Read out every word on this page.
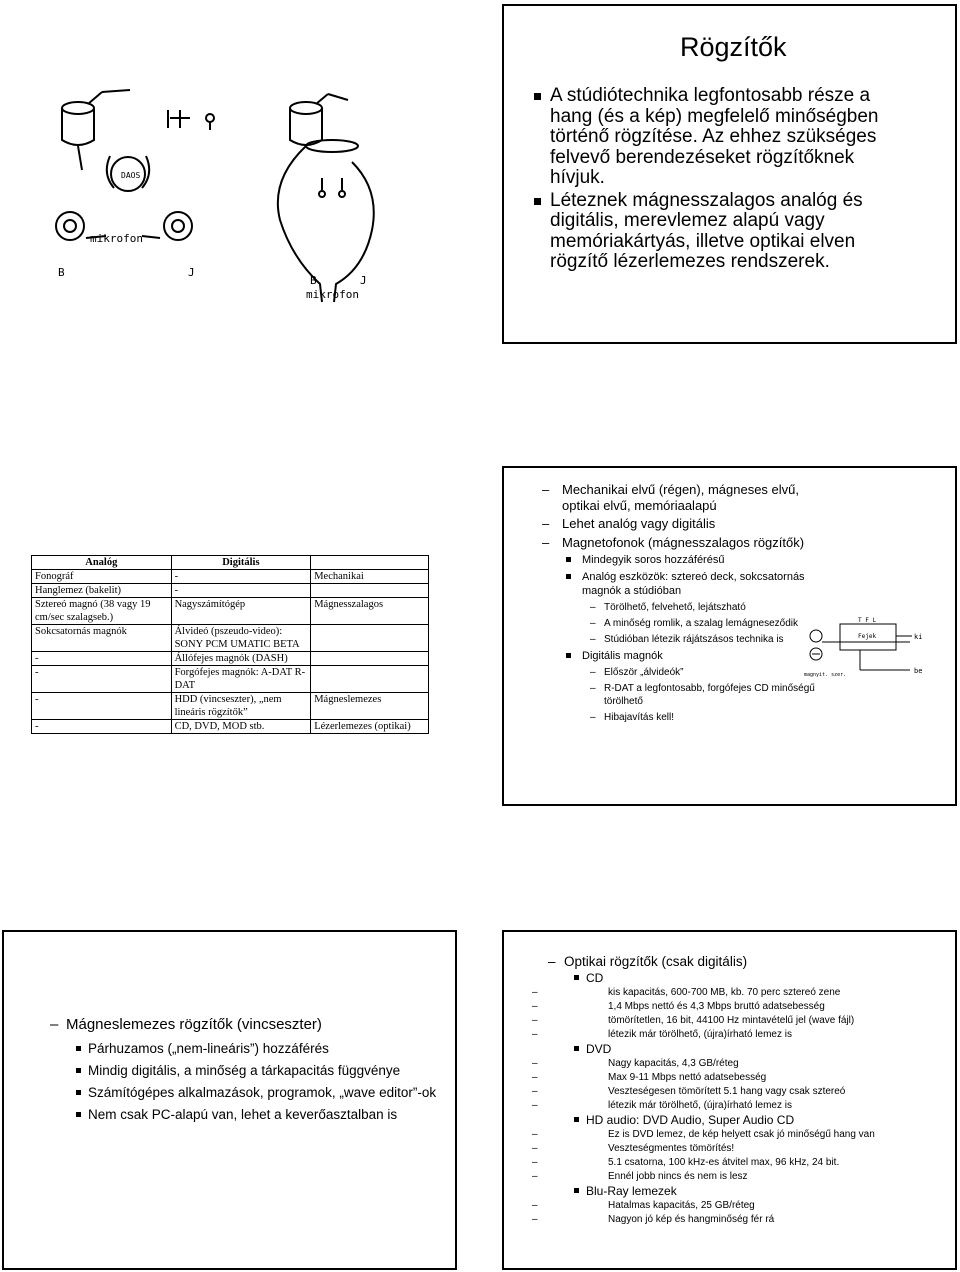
Rögzítők
A stúdiótechnika legfontosabb része a hang (és a kép) megfelelő minőségben történő rögzítése. Az ehhez szükséges felvevő berendezéseket rögzítőknek hívjuk.
Léteznek mágnesszalagos analóg és digitális, merevlemez alapú vagy memóriakártyás, illetve optikai elven rögzítő lézerlemezes rendszerek.
DAOS
mikrofon
B	J
B	J
mikrofon
– Mechanikai elvű (régen), mágneses elvű, optikai elvű, memóriaalapú
– Lehet analóg vagy digitális
– Magnetofonok (mágnesszalagos rögzítők)
Mindegyik soros hozzáférésű
Analóg eszközök: sztereó deck, sokcsatornás magnók a stúdióban
– Törölhető, felvehető, lejátszható
– A minőség romlik, a szalag lemágneseződik
– Stúdióban létezik rájátszásos technika is
Digitális magnók
– Először „álvideók”
– R-DAT a legfontosabb, forgófejes CD minőségű törölhető
– Hibajavítás kell!
T F L
Fejek	ki
be
magnyit. szer.
Analóg	Digitális	
Fonográf	-	Mechanikai
Hanglemez (bakelit)	-	
Sztereó magnó (38 vagy 19 cm/sec szalagseb.)	Nagyszámítógép	Mágnesszalagos
Sokcsatornás magnók	Álvideó (pszeudo-video): SONY PCM UMATIC BETA	
-	Állófejes magnók (DASH)	
-	Forgófejes magnók: A-DAT R-DAT	
-	HDD (vincseszter), „nem lineáris rögzítők”	Mágneslemezes
-	CD, DVD, MOD stb.	Lézerlemezes (optikai)
– Mágneslemezes rögzítők (vincseszter)
Párhuzamos („nem-lineáris”) hozzáférés
Mindig digitális, a minőség a tárkapacitás függvénye
Számítógépes alkalmazások, programok, „wave editor”-ok
Nem csak PC-alapú van, lehet a keverőasztalban is
– Optikai rögzítők (csak digitális)
CD
– kis kapacitás, 600-700 MB, kb. 70 perc sztereó zene
– 1,4 Mbps nettó és 4,3 Mbps bruttó adatsebesség
– tömörítetlen, 16 bit, 44100 Hz mintavételű jel (wave fájl)
– létezik már törölhető, (újra)írható lemez is
DVD
– Nagy kapacitás, 4,3 GB/réteg
– Max 9-11 Mbps nettó adatsebesség
– Veszteségesen tömörített 5.1 hang vagy csak sztereó
– létezik már törölhető, (újra)írható lemez is
HD audio: DVD Audio, Super Audio CD
– Ez is DVD lemez, de kép helyett csak jó minőségű hang van
– Veszteségmentes tömörítés!
– 5.1 csatorna, 100 kHz-es átvitel max, 96 kHz, 24 bit.
– Ennél jobb nincs és nem is lesz
Blu-Ray lemezek
– Hatalmas kapacitás, 25 GB/réteg
– Nagyon jó kép és hangminőség fér rá
